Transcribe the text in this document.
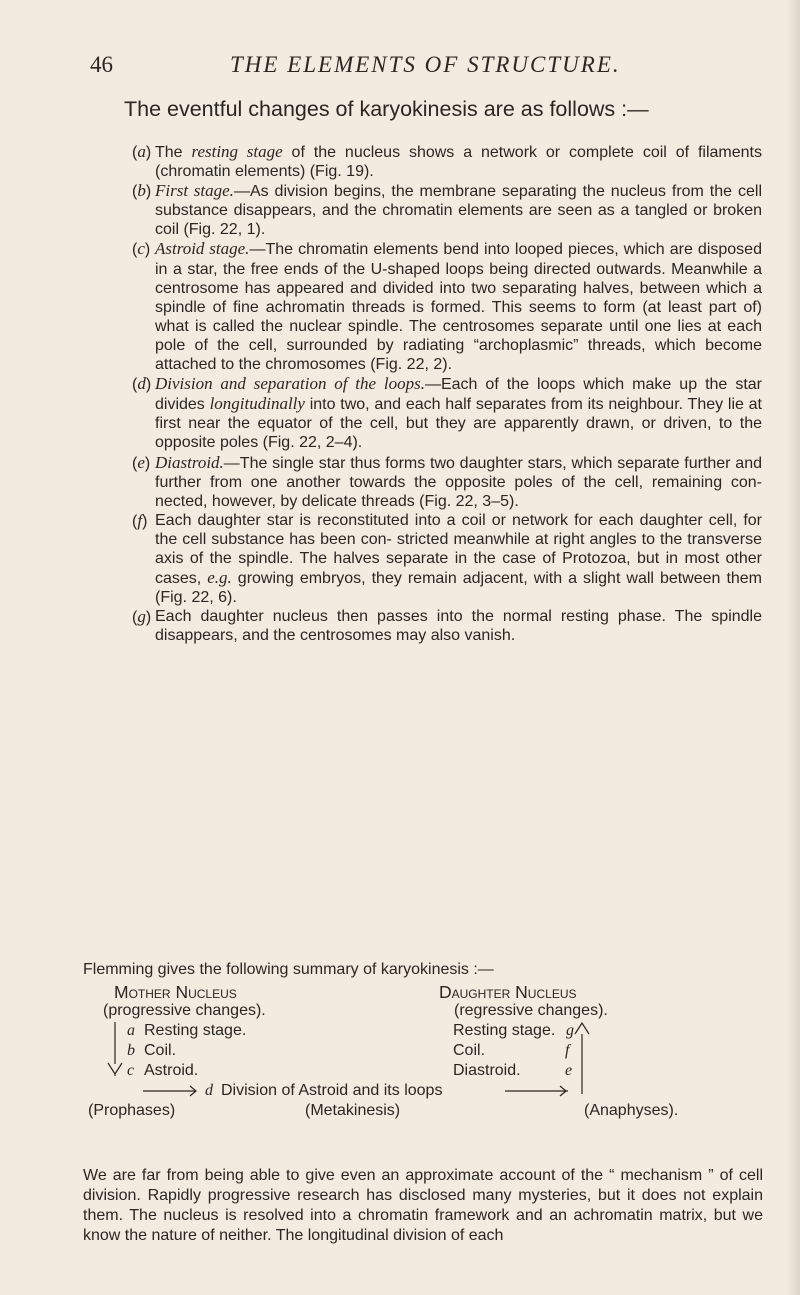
46	THE ELEMENTS OF STRUCTURE.

The eventful changes of karyokinesis are as follows :—

(a) The resting stage of the nucleus shows a network or complete coil of filaments (chromatin elements) (Fig. 19).

(b) First stage.—As division begins, the membrane separating the nucleus from the cell substance disappears, and the chromatin elements are seen as a tangled or broken coil (Fig. 22, 1).

(c) Astroid stage.—The chromatin elements bend into looped pieces, which are disposed in a star, the free ends of the U-shaped loops being directed outwards. Meanwhile a centrosome has appeared and divided into two separating halves, between which a spindle of fine achromatin threads is formed. This seems to form (at least part of) what is called the nuclear spindle. The centrosomes separate until one lies at each pole of the cell, surrounded by radiating “archoplasmic” threads, which become attached to the chromosomes (Fig. 22, 2).

(d) Division and separation of the loops.—Each of the loops which make up the star divides longitudinally into two, and each half separates from its neighbour. They lie at first near the equator of the cell, but they are apparently drawn, or driven, to the opposite poles (Fig. 22, 2–4).

(e) Diastroid.—The single star thus forms two daughter stars, which separate further and further from one another towards the opposite poles of the cell, remaining con- nected, however, by delicate threads (Fig. 22, 3–5).

(f) Each daughter star is reconstituted into a coil or network for each daughter cell, for the cell substance has been con- stricted meanwhile at right angles to the transverse axis of the spindle. The halves separate in the case of Protozoa, but in most other cases, e.g. growing embryos, they remain adjacent, with a slight wall between them (Fig. 22, 6).

(g) Each daughter nucleus then passes into the normal resting phase. The spindle disappears, and the centrosomes may also vanish.

Flemming gives the following summary of karyokinesis :—
Mother Nucleus	Daughter Nucleus
(progressive changes).	(regressive changes).
a Resting stage.	Resting stage. g
b Coil.	Coil.	f
c Astroid.	Diastroid.	e
d Division of Astroid and its loops
(Prophases)	(Metakinesis)	(Anaphyses).

We are far from being able to give even an approximate account of the “ mechanism ” of cell division. Rapidly progressive research has disclosed many mysteries, but it does not explain them. The nucleus is resolved into a chromatin framework and an achromatin matrix, but we know the nature of neither. The longitudinal division of each
